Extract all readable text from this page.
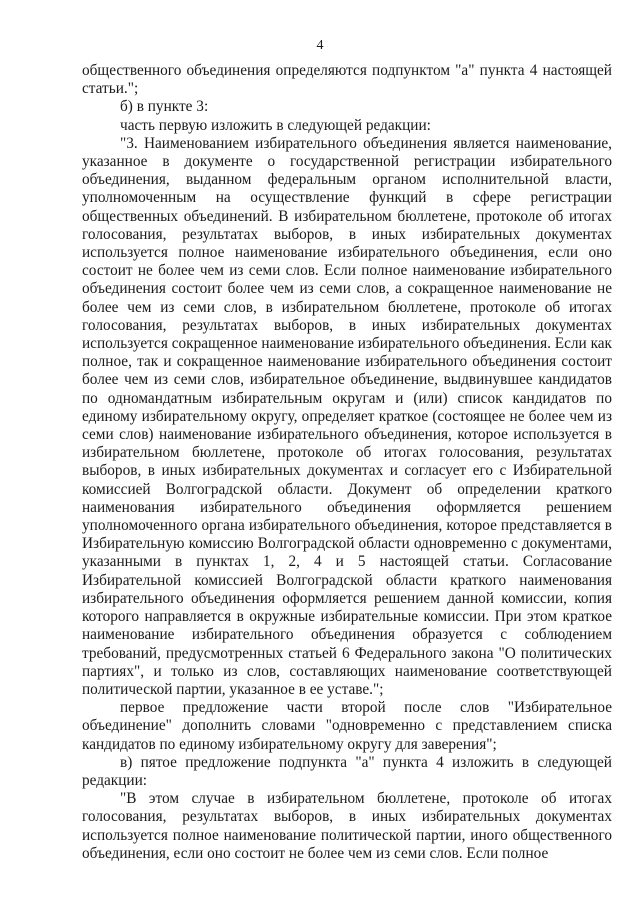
4

общественного объединения определяются подпунктом "а" пункта 4 настоящей статьи.";

б) в пункте 3:

часть первую изложить в следующей редакции:

"3. Наименованием избирательного объединения является наименование, указанное в документе о государственной регистрации избирательного объединения, выданном федеральным органом исполнительной власти, уполномоченным на осуществление функций в сфере регистрации общественных объединений. В избирательном бюллетене, протоколе об итогах голосования, результатах выборов, в иных избирательных документах используется полное наименование избирательного объединения, если оно состоит не более чем из семи слов. Если полное наименование избирательного объединения состоит более чем из семи слов, а сокращенное наименование не более чем из семи слов, в избирательном бюллетене, протоколе об итогах голосования, результатах выборов, в иных избирательных документах используется сокращенное наименование избирательного объединения. Если как полное, так и сокращенное наименование избирательного объединения состоит более чем из семи слов, избирательное объединение, выдвинувшее кандидатов по одномандатным избирательным округам и (или) список кандидатов по единому избирательному округу, определяет краткое (состоящее не более чем из семи слов) наименование избирательного объединения, которое используется в избирательном бюллетене, протоколе об итогах голосования, результатах выборов, в иных избирательных документах и согласует его с Избирательной комиссией Волгоградской области. Документ об определении краткого наименования избирательного объединения оформляется решением уполномоченного органа избирательного объединения, которое представляется в Избирательную комиссию Волгоградской области одновременно с документами, указанными в пунктах 1, 2, 4 и 5 настоящей статьи. Согласование Избирательной комиссией Волгоградской области краткого наименования избирательного объединения оформляется решением данной комиссии, копия которого направляется в окружные избирательные комиссии. При этом краткое наименование избирательного объединения образуется с соблюдением требований, предусмотренных статьей 6 Федерального закона "О политических партиях", и только из слов, составляющих наименование соответствующей политической партии, указанное в ее уставе.";

первое предложение части второй после слов "Избирательное объединение" дополнить словами "одновременно с представлением списка кандидатов по единому избирательному округу для заверения";

в) пятое предложение подпункта "а" пункта 4 изложить в следующей редакции:

"В этом случае в избирательном бюллетене, протоколе об итогах голосования, результатах выборов, в иных избирательных документах используется полное наименование политической партии, иного общественного объединения, если оно состоит не более чем из семи слов. Если полное
